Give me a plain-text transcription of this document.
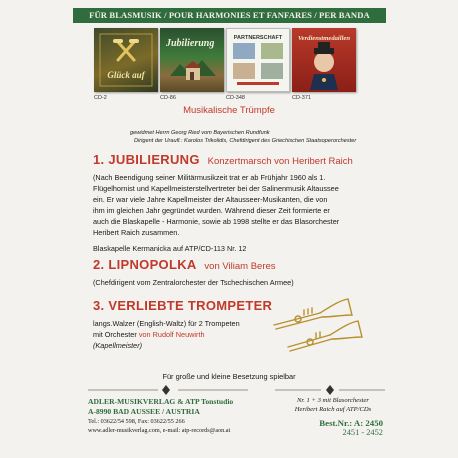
FÜR BLASMUSIK / POUR HARMONIES ET FANFARES / PER BANDA
Glück auf
CD-2
Jubilierung
CD-86
PARTNERSCHAFT
CD-348
Verdienstmedaillen
CD-371
Musikalische Trümpfe
gewidmet Herrn Georg Ried vom Bayerischen Rundfunk
Dirigent der Uraufl.: Karolos Trikolidis, Chefdirigent des Griechischen Staatsoperorchester
1. JUBILIERUNG Konzertmarsch von Heribert Raich
(Nach Beendigung seiner Militärmusikzeit trat er ab Frühjahr 1960 als 1.
Flügelhornist und Kapellmeisterstellvertreter bei der Salinenmusik Altaussee
ein. Er war viele Jahre Kapellmeister der Altausseer-Musikanten, die von
ihm im gleichen Jahr gegründet wurden. Während dieser Zeit formierte er
auch die Blaskapelle - Harmonie, sowie ab 1998 stellte er das Blasorchester
Heribert Raich zusammen.
Blaskapelle Kermanicka auf ATP/CD-113 Nr. 12
2. LIPNOPOLKA von Viliam Beres
(Chefdirigent vom Zentralorchester der Tschechischen Armee)
3. VERLIEBTE TROMPETER
langs.Walzer (English-Waltz) für 2 Trompeten
mit Orchester von Rudolf Neuwirth
(Kapellmeister)
Für große und kleine Besetzung spielbar
ADLER-MUSIKVERLAG & ATP Tonstudio
A-8990 BAD AUSSEE / AUSTRIA
Tel.: 03622/54 598, Fax: 03622/55 266
www.adler-musikverlag.com, e-mail: atp-records@aon.at
Nr. 1 + 3 mit Blasorchester
Heribert Raich auf ATP/CDs
Best.Nr.: A: 2450
2451 - 2452
